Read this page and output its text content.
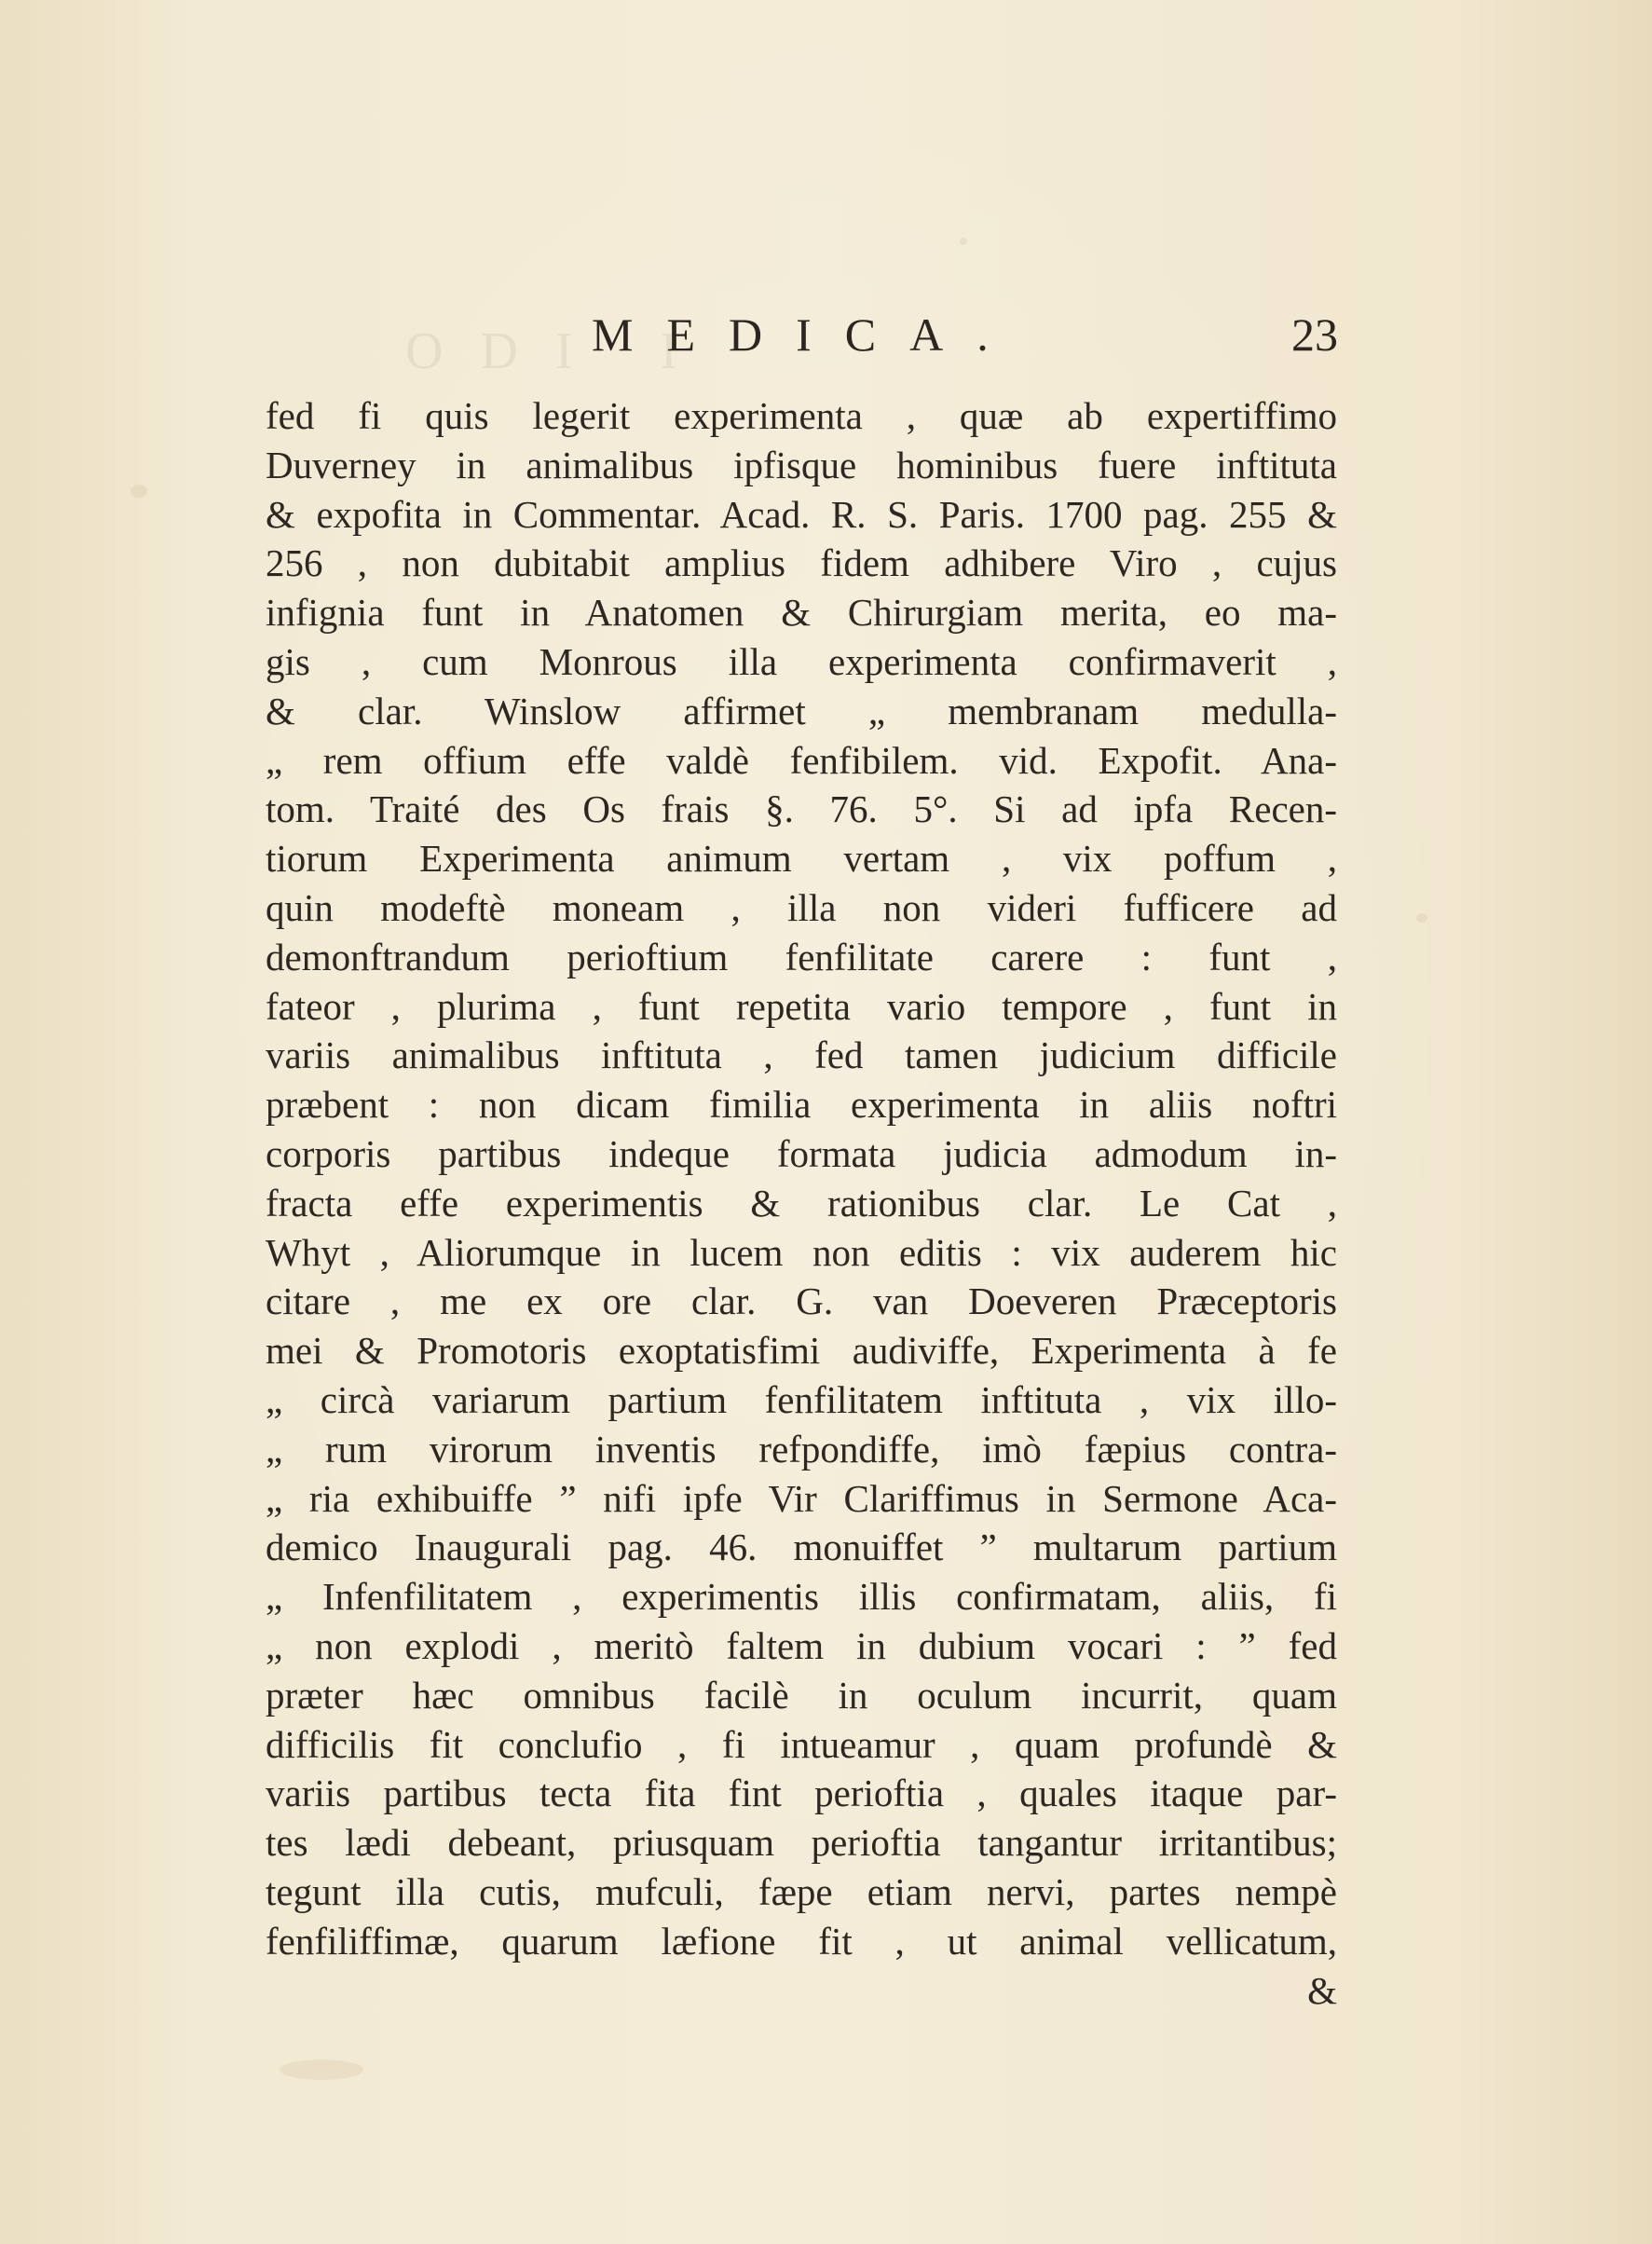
ODI I
MEDICA.	23
fed fi quis legerit experimenta , quæ ab expertiffimo
Duverney in animalibus ipfisque hominibus fuere inftituta
& expofita in Commentar. Acad. R. S. Paris. 1700 pag. 255 &
256 , non dubitabit amplius fidem adhibere Viro , cujus
infignia funt in Anatomen & Chirurgiam merita, eo ma-
gis , cum Monrous illa experimenta confirmaverit ,
& clar. Winslow affirmet „ membranam medulla-
„ rem offium effe valdè fenfibilem. vid. Expofit. Ana-
tom. Traité des Os frais §. 76. 5°. Si ad ipfa Recen-
tiorum Experimenta animum vertam , vix poffum ,
quin modeftè moneam , illa non videri fufficere ad
demonftrandum perioftium fenfilitate carere : funt ,
fateor , plurima , funt repetita vario tempore , funt in
variis animalibus inftituta , fed tamen judicium difficile
præbent : non dicam fimilia experimenta in aliis noftri
corporis partibus indeque formata judicia admodum in-
fracta effe experimentis & rationibus clar. Le Cat ,
Whyt , Aliorumque in lucem non editis : vix auderem hic
citare , me ex ore clar. G. van Doeveren Præceptoris
mei & Promotoris exoptatisfimi audiviffe, Experimenta à fe
„ circà variarum partium fenfilitatem inftituta , vix illo-
„ rum virorum inventis refpondiffe, imò fæpius contra-
„ ria exhibuiffe ” nifi ipfe Vir Clariffimus in Sermone Aca-
demico Inaugurali pag. 46. monuiffet ” multarum partium
„ Infenfilitatem , experimentis illis confirmatam, aliis, fi
„ non explodi , meritò faltem in dubium vocari : ” fed
præter hæc omnibus facilè in oculum incurrit, quam
difficilis fit conclufio , fi intueamur , quam profundè &
variis partibus tecta fita fint perioftia , quales itaque par-
tes lædi debeant, priusquam perioftia tangantur irritantibus;
tegunt illa cutis, mufculi, fæpe etiam nervi, partes nempè
fenfiliffimæ, quarum læfione fit , ut animal vellicatum,
&
